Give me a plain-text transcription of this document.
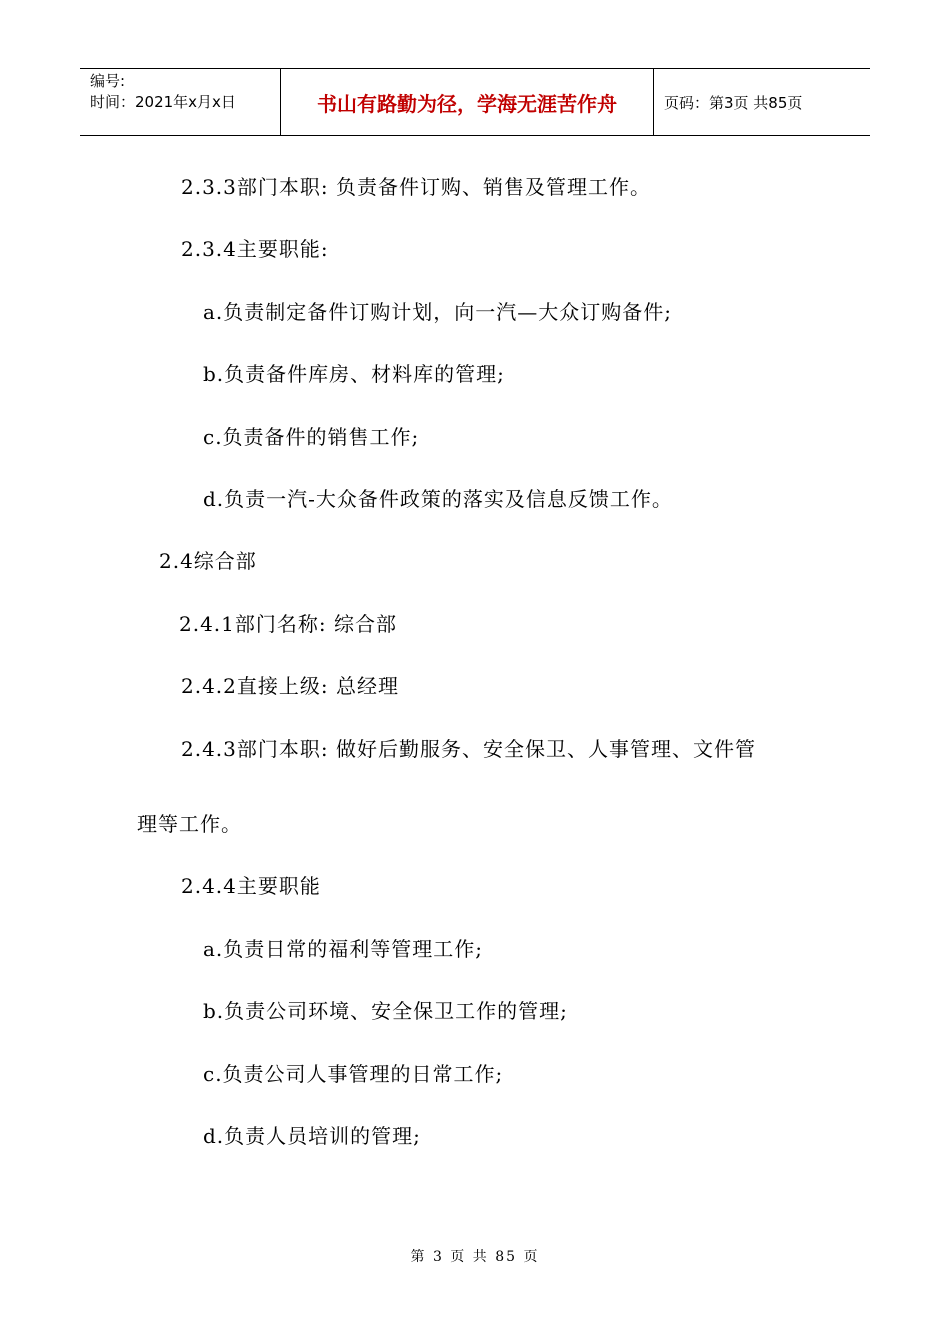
编号:
时间：2021年x月x日	书山有路勤为径，学海无涯苦作舟	页码：第3页 共85页
2.3.3部门本职: 负责备件订购、销售及管理工作。
2.3.4主要职能:
a.负责制定备件订购计划，向一汽—大众订购备件;
b.负责备件库房、材料库的管理;
c.负责备件的销售工作;
d.负责一汽-大众备件政策的落实及信息反馈工作。
2.4综合部
2.4.1部门名称: 综合部
2.4.2直接上级: 总经理
2.4.3部门本职: 做好后勤服务、安全保卫、人事管理、文件管
理等工作。
2.4.4主要职能
a.负责日常的福利等管理工作;
b.负责公司环境、安全保卫工作的管理;
c.负责公司人事管理的日常工作;
d.负责人员培训的管理;
第 3 页 共 85 页
